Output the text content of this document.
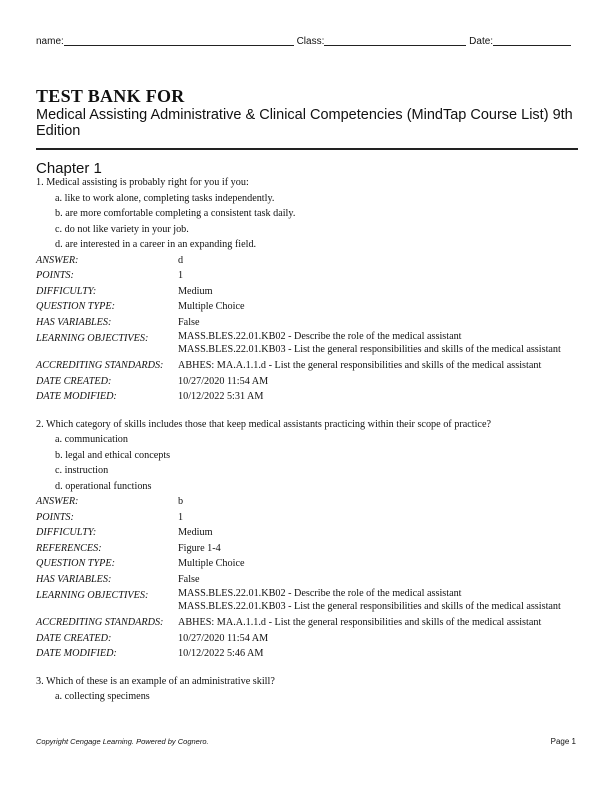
name:	Class:	Date:
TEST BANK FOR
Medical Assisting Administrative & Clinical Competencies (MindTap Course List) 9th Edition
Chapter 1

1. Medical assisting is probably right for you if you:

a. like to work alone, completing tasks independently.
b. are more comfortable completing a consistent task daily.
c. do not like variety in your job.
d. are interested in a career in an expanding field.
ANSWER:	d
POINTS:	1
DIFFICULTY:	Medium
QUESTION TYPE:	Multiple Choice
HAS VARIABLES:	False
LEARNING OBJECTIVES:	MASS.BLES.22.01.KB02 - Describe the role of the medical assistant
MASS.BLES.22.01.KB03 - List the general responsibilities and skills of the medical assistant
ACCREDITING STANDARDS:	ABHES: MA.A.1.1.d - List the general responsibilities and skills of the medical assistant
DATE CREATED:	10/27/2020 11:54 AM
DATE MODIFIED:	10/12/2022 5:31 AM

2. Which category of skills includes those that keep medical assistants practicing within their scope of practice?

a. communication
b. legal and ethical concepts
c. instruction
d. operational functions
ANSWER:	b
POINTS:	1
DIFFICULTY:	Medium
REFERENCES:	Figure 1-4
QUESTION TYPE:	Multiple Choice
HAS VARIABLES:	False
LEARNING OBJECTIVES:	MASS.BLES.22.01.KB02 - Describe the role of the medical assistant
MASS.BLES.22.01.KB03 - List the general responsibilities and skills of the medical assistant
ACCREDITING STANDARDS:	ABHES: MA.A.1.1.d - List the general responsibilities and skills of the medical assistant
DATE CREATED:	10/27/2020 11:54 AM
DATE MODIFIED:	10/12/2022 5:46 AM

3. Which of these is an example of an administrative skill?

a. collecting specimens
Copyright Cengage Learning. Powered by Cognero.	Page 1
